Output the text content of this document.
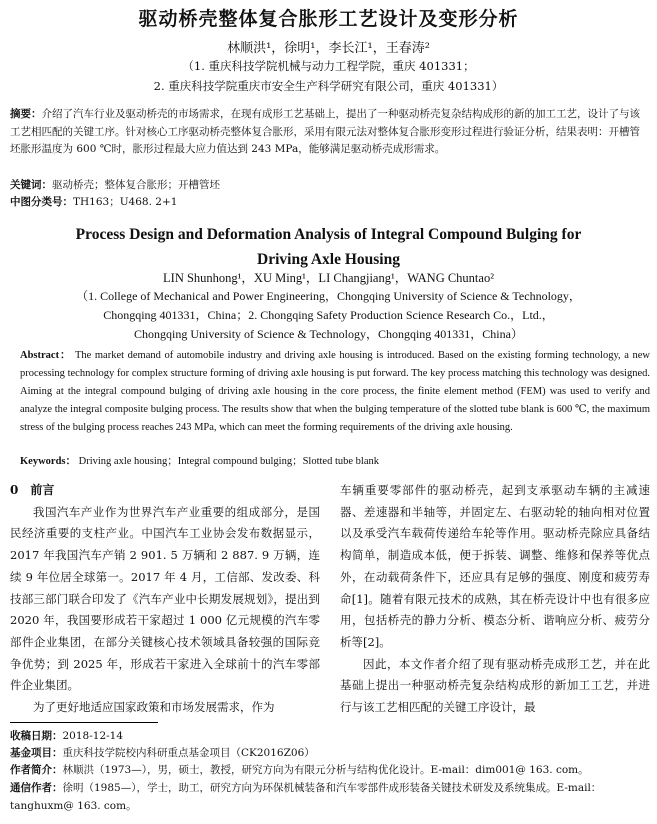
驱动桥壳整体复合胀形工艺设计及变形分析
林顺洪¹，徐明¹，李长江¹，王春涛²
（1. 重庆科技学院机械与动力工程学院，重庆 401331；
2. 重庆科技学院重庆市安全生产科学研究有限公司，重庆 401331）
摘要：介绍了汽车行业及驱动桥壳的市场需求，在现有成形工艺基础上，提出了一种驱动桥壳复杂结构成形的新的加工工艺，设计了与该工艺相匹配的关键工序。针对核心工序驱动桥壳整体复合胀形，采用有限元法对整体复合胀形变形过程进行验证分析，结果表明：开槽管坯胀形温度为 600 ℃时，胀形过程最大应力值达到 243 MPa，能够满足驱动桥壳成形需求。
关键词：驱动桥壳；整体复合胀形；开槽管坯
中图分类号：TH163；U468. 2+1
Process Design and Deformation Analysis of Integral Compound Bulging for Driving Axle Housing
LIN Shunhong¹，XU Ming¹，LI Changjiang¹，WANG Chuntao²
（1. College of Mechanical and Power Engineering，Chongqing University of Science & Technology，
Chongqing 401331，China；2. Chongqing Safety Production Science Research Co.，Ltd.，
Chongqing University of Science & Technology，Chongqing 401331，China）
Abstract： The market demand of automobile industry and driving axle housing is introduced. Based on the existing forming technology, a new processing technology for complex structure forming of driving axle housing is put forward. The key process matching this technology was designed. Aiming at the integral compound bulging of driving axle housing in the core process, the finite element method (FEM) was used to verify and analyze the integral composite bulging process. The results show that when the bulging temperature of the slotted tube blank is 600 ℃, the maximum stress of the bulging process reaches 243 MPa, which can meet the forming requirements of the driving axle housing.
Keywords： Driving axle housing；Integral compound bulging；Slotted tube blank
0　前言

我国汽车产业作为世界汽车产业重要的组成部分，是国民经济重要的支柱产业。中国汽车工业协会发布数据显示，2017 年我国汽车产销 2 901. 5 万辆和 2 887. 9 万辆，连续 9 年位居全球第一。2017 年 4 月，工信部、发改委、科技部三部门联合印发了《汽车产业中长期发展规划》，提出到 2020 年，我国要形成若干家超过 1 000 亿元规模的汽车零部件企业集团，在部分关键核心技术领域具备较强的国际竞争优势；到 2025 年，形成若干家进入全球前十的汽车零部件企业集团。

为了更好地适应国家政策和市场发展需求，作为

车辆重要零部件的驱动桥壳，起到支承驱动车辆的主减速器、差速器和半轴等，并固定左、右驱动轮的轴向相对位置以及承受汽车载荷传递给车轮等作用。驱动桥壳除应具备结构简单，制造成本低，便于拆装、调整、维修和保养等优点外，在动载荷条件下，还应具有足够的强度、刚度和疲劳寿命[1]。随着有限元技术的成熟，其在桥壳设计中也有很多应用，包括桥壳的静力分析、模态分析、谐响应分析、疲劳分析等[2]。

因此，本文作者介绍了现有驱动桥壳成形工艺，并在此基础上提出一种驱动桥壳复杂结构成形的新加工工艺，并进行与该工艺相匹配的关键工序设计，最

收稿日期：2018-12-14
基金项目：重庆科技学院校内科研重点基金项目（CK2016Z06）
作者简介：林顺洪（1973—），男，硕士，教授，研究方向为有限元分析与结构优化设计。E-mail：dim001@ 163. com。
通信作者：徐明（1985—），学士，助工，研究方向为环保机械装备和汽车零部件成形装备关键技术研发及系统集成。E-mail：tanghuxm@ 163. com。
